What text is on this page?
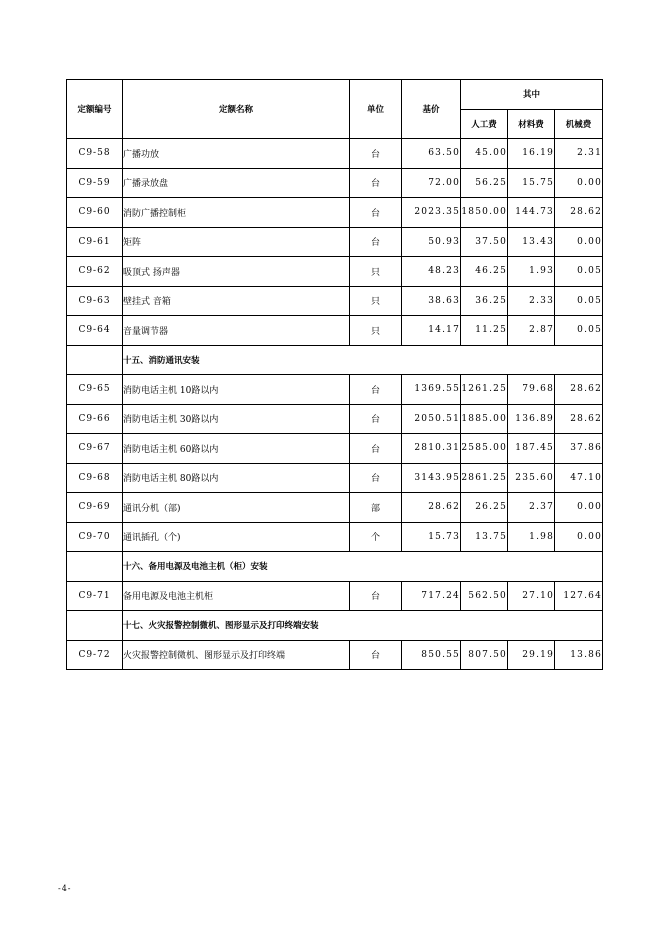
定额编号	定额名称	单位	基价	其中		
				人工费	材料费	机械费
C9-58	广播功放	台	63.50	45.00	16.19	2.31
C9-59	广播录放盘	台	72.00	56.25	15.75	0.00
C9-60	消防广播控制柜	台	2023.35	1850.00	144.73	28.62
C9-61	矩阵	台	50.93	37.50	13.43	0.00
C9-62	吸顶式 扬声器	只	48.23	46.25	1.93	0.05
C9-63	壁挂式 音箱	只	38.63	36.25	2.33	0.05
C9-64	音量调节器	只	14.17	11.25	2.87	0.05
	十五、消防通讯安装					
C9-65	消防电话主机 10路以内	台	1369.55	1261.25	79.68	28.62
C9-66	消防电话主机 30路以内	台	2050.51	1885.00	136.89	28.62
C9-67	消防电话主机 60路以内	台	2810.31	2585.00	187.45	37.86
C9-68	消防电话主机 80路以内	台	3143.95	2861.25	235.60	47.10
C9-69	通讯分机（部)	部	28.62	26.25	2.37	0.00
C9-70	通讯插孔（个)	个	15.73	13.75	1.98	0.00
	十六、备用电源及电池主机（柜）安装					
C9-71	备用电源及电池主机柜	台	717.24	562.50	27.10	127.64
	十七、火灾报警控制微机、图形显示及打印终端安装					
C9-72	火灾报警控制微机、图形显示及打印终端	台	850.55	807.50	29.19	13.86
-4-
